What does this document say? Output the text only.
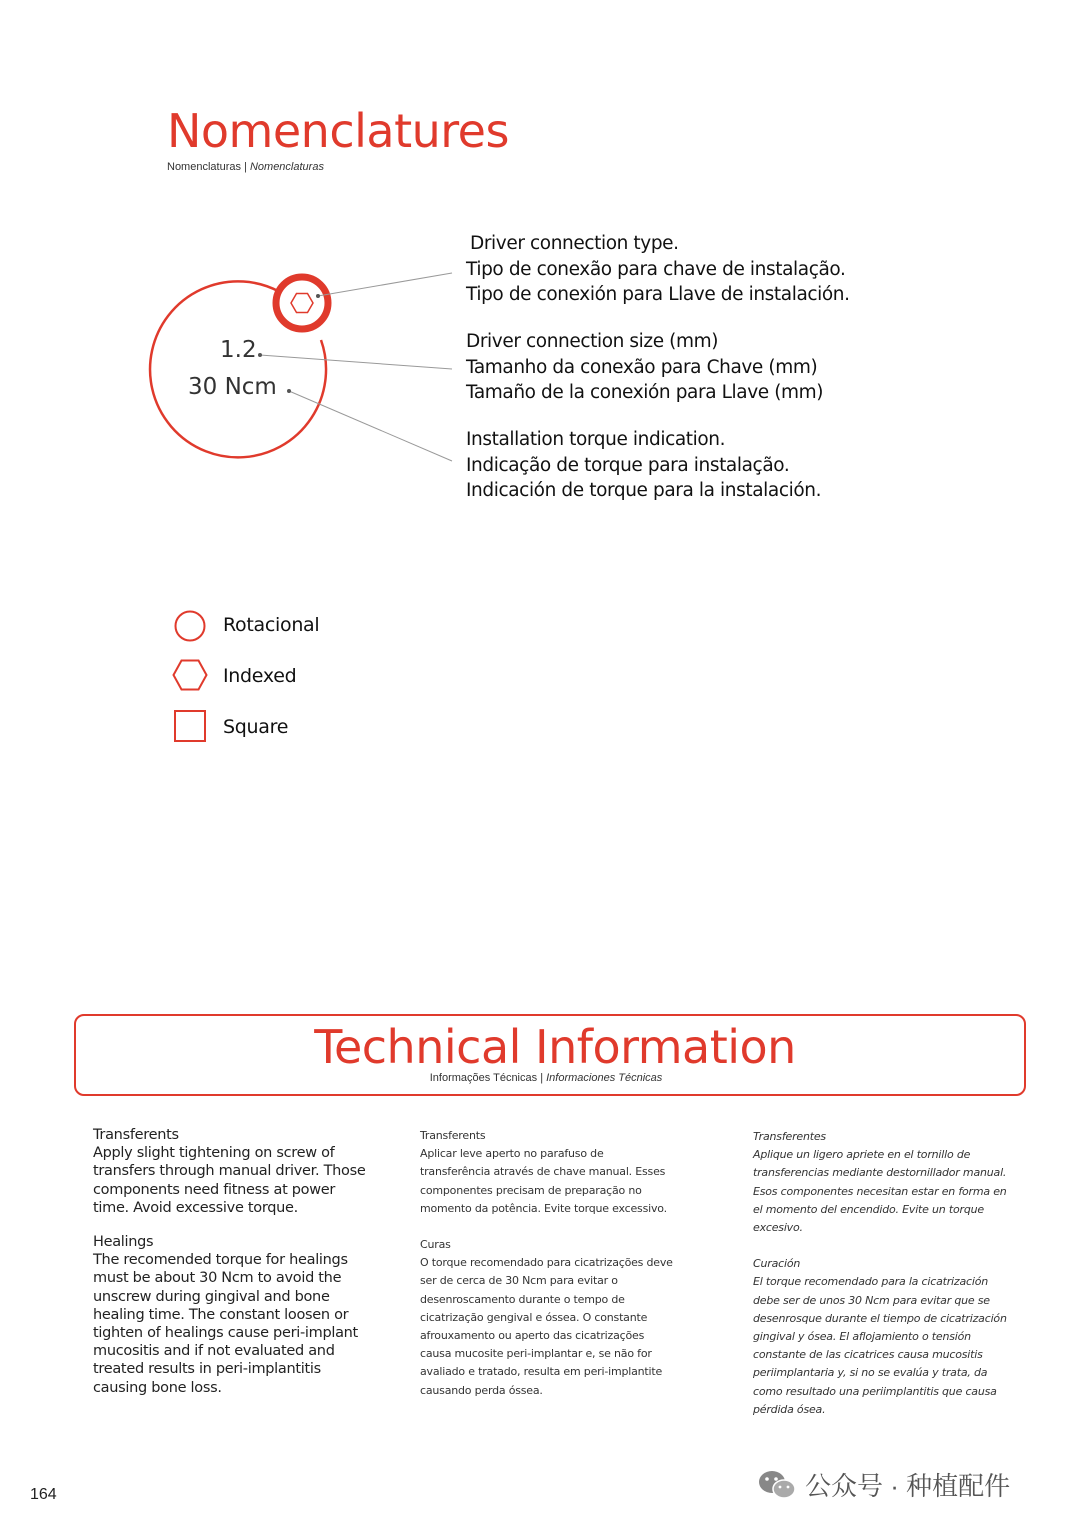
Nomenclatures
Nomenclaturas | Nomenclaturas
1.2
30 Ncm
Driver connection type.
Tipo de conexão para chave de instalação.
Tipo de conexión para Llave de instalación.
Driver connection size (mm)
Tamanho da conexão para Chave (mm)
Tamaño de la conexión para Llave (mm)
Installation torque indication.
Indicação de torque para instalação.
Indicación de torque para la instalación.
Rotacional
Indexed
Square
Technical Information
Informações Técnicas | Informaciones Técnicas

Transferents
Apply slight tightening on screw of transfers through manual driver. Those components need fitness at power time. Avoid excessive torque.

Healings
The recomended torque for healings must be about 30 Ncm to avoid the unscrew during gingival and bone healing time. The constant loosen or tighten of healings cause peri-implant mucositis and if not evaluated and treated results in peri-implantitis causing bone loss.

Transferents
Aplicar leve aperto no parafuso de transferência através de chave manual. Esses componentes precisam de preparação no momento da potência. Evite torque excessivo.

Curas
O torque recomendado para cicatrizações deve ser de cerca de 30 Ncm para evitar o desenroscamento durante o tempo de cicatrização gengival e óssea. O constante afrouxamento ou aperto das cicatrizações causa mucosite peri-implantar e, se não for avaliado e tratado, resulta em peri-implantite causando perda óssea.

Transferentes
Aplique un ligero apriete en el tornillo de transferencias mediante destornillador manual. Esos componentes necesitan estar en forma en el momento del encendido. Evite un torque excesivo.

Curación
El torque recomendado para la cicatrización debe ser de unos 30 Ncm para evitar que se desenrosque durante el tiempo de cicatrización gingival y ósea. El aflojamiento o tensión constante de las cicatrices causa mucositis periimplantaria y, si no se evalúa y trata, da como resultado una periimplantitis que causa pérdida ósea.

164	公众号 · 种植配件
